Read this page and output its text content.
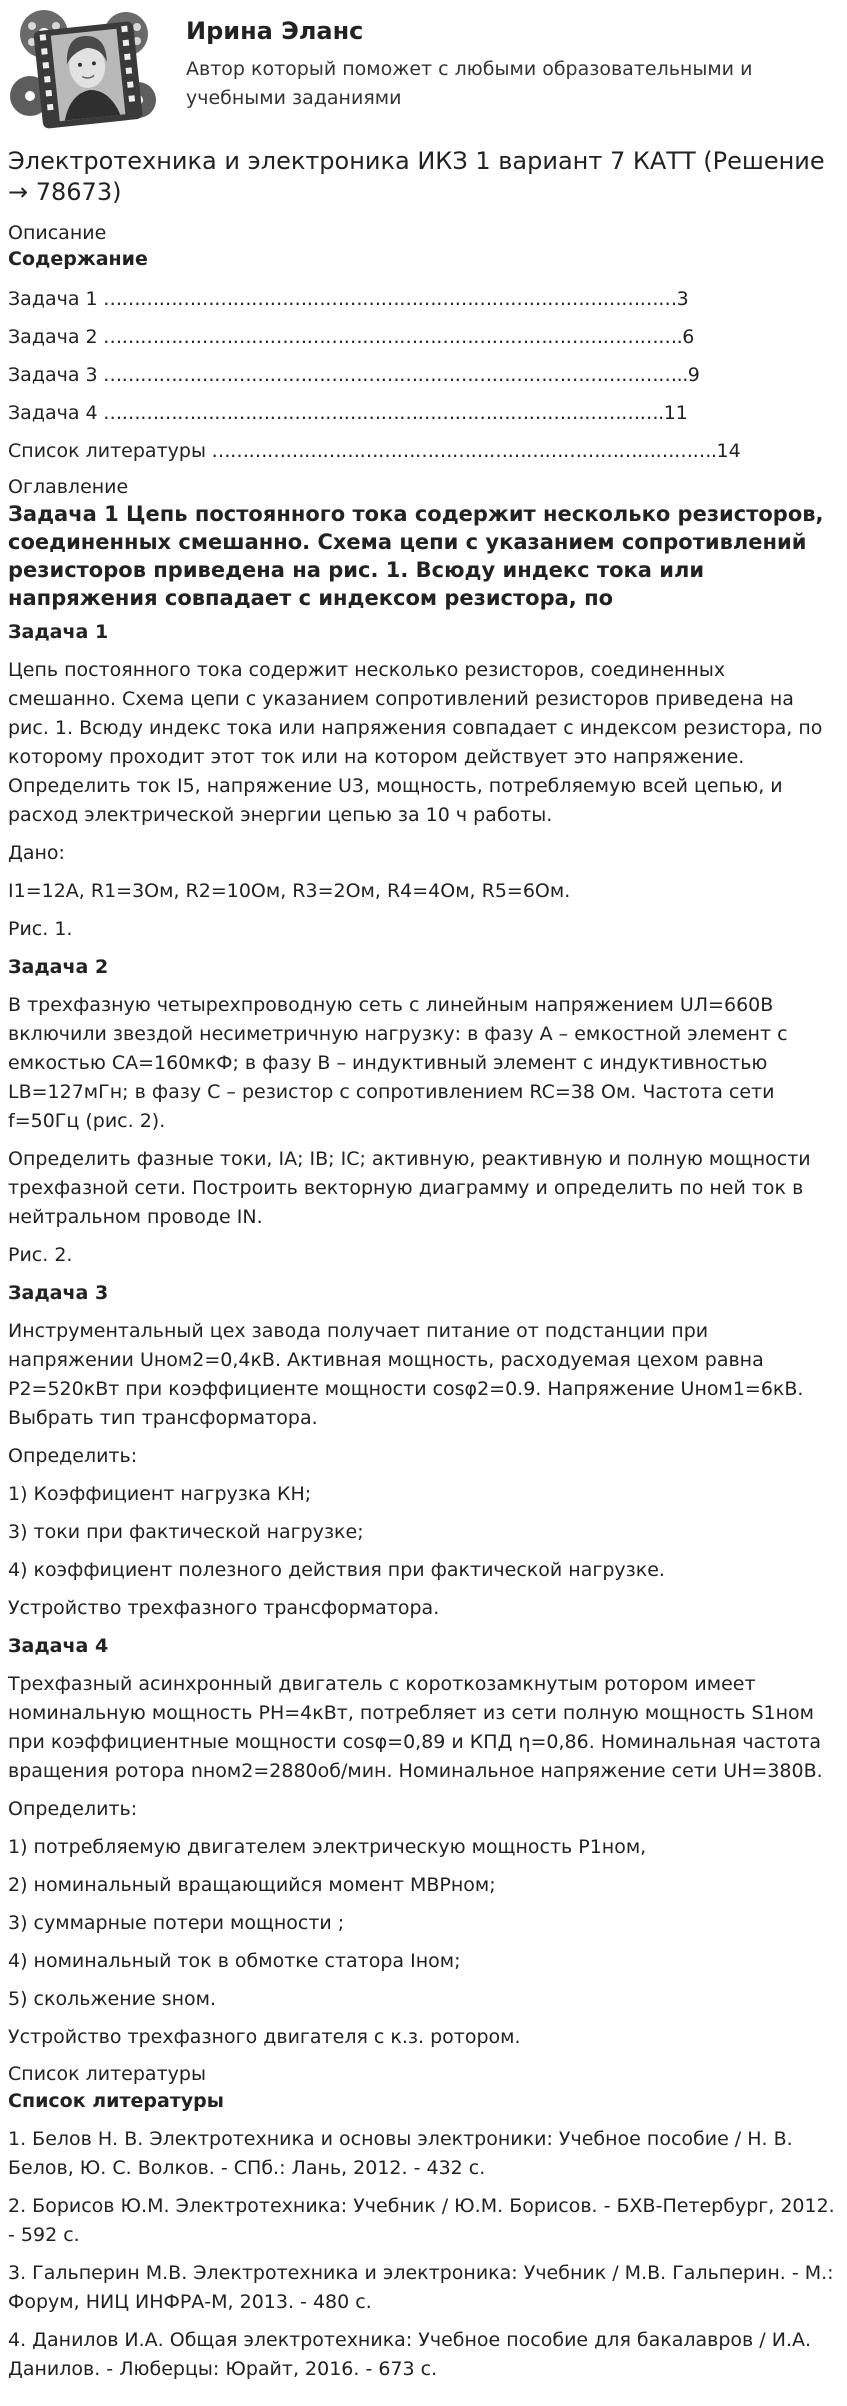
Ирина Эланс
Автор который поможет с любыми образовательными и учебными заданиями
Электротехника и электроника ИКЗ 1 вариант 7 КАТТ (Решение → 78673)

Описание

Содержание

Задача 1 …………………………………………………………………………………3

Задача 2 ………………………………………………………………………………….6

Задача 3 …………………………………………………………………………………..9

Задача 4 ……………………………………………………………………………….11

Список литературы ……………………………………………………………………….14

Оглавление

Задача 1 Цепь постоянного тока содержит несколько резисторов, соединенных смешанно. Схема цепи с указанием сопротивлений резисторов приведена на рис. 1. Всюду индекс тока или напряжения совпадает с индексом резистора, по

Задача 1

Цепь постоянного тока содержит несколько резисторов, соединенных смешанно. Схема цепи с указанием сопротивлений резисторов приведена на рис. 1. Всюду индекс тока или напряжения совпадает с индексом резистора, по которому проходит этот ток или на котором действует это напряжение. Определить ток I5, напряжение U3, мощность, потребляемую всей цепью, и расход электрической энергии цепью за 10 ч работы.

Дано:

I1=12A, R1=3Ом, R2=10Ом, R3=2Ом, R4=4Ом, R5=6Ом.

Рис. 1.

Задача 2

В трехфазную четырехпроводную сеть с линейным напряжением UЛ=660В включили звездой несиметричную нагрузку: в фазу А – емкостной элемент с емкостью CA=160мкФ; в фазу В – индуктивный элемент с индуктивностью LB=127мГн; в фазу С – резистор с сопротивлением RC=38 Ом. Частота сети f=50Гц (рис. 2).

Определить фазные токи, IA; IB; IC; активную, реактивную и полную мощности трехфазной сети. Построить векторную диаграмму и определить по ней ток в нейтральном проводе IN.

Рис. 2.

Задача 3

Инструментальный цех завода получает питание от подстанции при напряжении Uном2=0,4кВ. Активная мощность, расходуемая цехом равна P2=520кВт при коэффициенте мощности cosφ2=0.9. Напряжение Uном1=6кВ. Выбрать тип трансформатора.

Определить:

1) Коэффициент нагрузка КН;

3) токи при фактической нагрузке;

4) коэффициент полезного действия при фактической нагрузке.

Устройство трехфазного трансформатора.

Задача 4

Трехфазный асинхронный двигатель с короткозамкнутым ротором имеет номинальную мощность PН=4кВт, потребляет из сети полную мощность S1ном при коэффициентные мощности cosφ=0,89 и КПД η=0,86. Номинальная частота вращения ротора nном2=2880об/мин. Номинальное напряжение сети UН=380В.

Определить:

1) потребляемую двигателем электрическую мощность P1ном,

2) номинальный вращающийся момент MВРном;

3) суммарные потери мощности ;

4) номинальный ток в обмотке статора Iном;

5) скольжение sном.

Устройство трехфазного двигателя с к.з. ротором.

Список литературы

Список литературы

1. Белов Н. В. Электротехника и основы электроники: Учебное пособие / Н. В. Белов, Ю. С. Волков. - СПб.: Лань, 2012. - 432 с.

2. Борисов Ю.М. Электротехника: Учебник / Ю.М. Борисов. - БХВ-Петербург, 2012. - 592 с.

3. Гальперин М.В. Электротехника и электроника: Учебник / М.В. Гальперин. - М.: Форум, НИЦ ИНФРА-М, 2013. - 480 с.

4. Данилов И.А. Общая электротехника: Учебное пособие для бакалавров / И.А. Данилов. - Люберцы: Юрайт, 2016. - 673 с.
